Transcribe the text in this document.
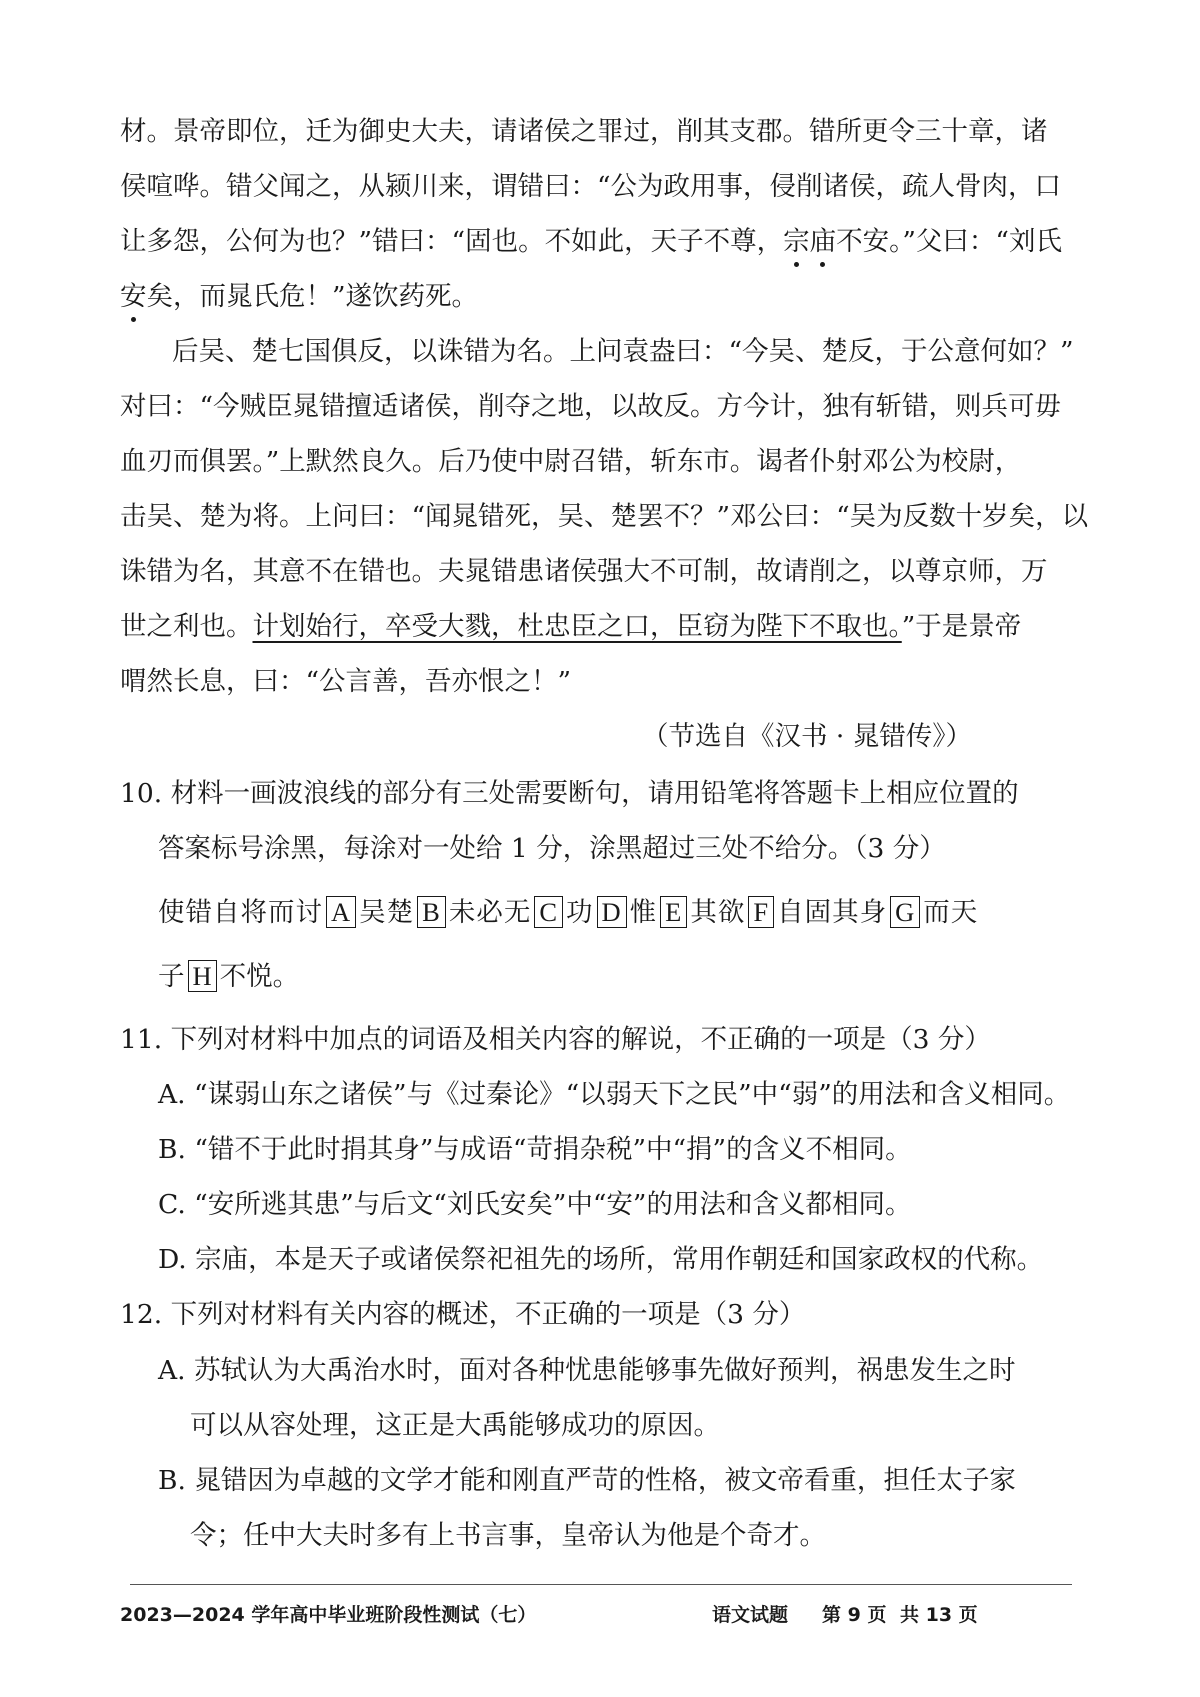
材。景帝即位，迁为御史大夫，请诸侯之罪过，削其支郡。错所更令三十章，诸
侯喧哗。错父闻之，从颍川来，谓错曰：“公为政用事，侵削诸侯，疏人骨肉，口
让多怨，公何为也？”错曰：“固也。不如此，天子不尊，宗庙不安。”父曰：“刘氏
安矣，而晁氏危！”遂饮药死。
后吴、楚七国俱反，以诛错为名。上问袁盎曰：“今吴、楚反，于公意何如？”
对曰：“今贼臣晁错擅适诸侯，削夺之地，以故反。方今计，独有斩错，则兵可毋
血刃而俱罢。”上默然良久。后乃使中尉召错，斩东市。谒者仆射邓公为校尉，
击吴、楚为将。上问曰：“闻晁错死，吴、楚罢不？”邓公曰：“吴为反数十岁矣，以
诛错为名，其意不在错也。夫晁错患诸侯强大不可制，故请削之，以尊京师，万
世之利也。计划始行，卒受大戮，杜忠臣之口，臣窃为陛下不取也。”于是景帝
喟然长息，曰：“公言善，吾亦恨之！”
（节选自《汉书 · 晁错传》）
10. 材料一画波浪线的部分有三处需要断句，请用铅笔将答题卡上相应位置的
答案标号涂黑，每涂对一处给 1 分，涂黑超过三处不给分。（3 分）
使错自将而讨 A 吴楚 B 未必无 C 功 D 惟 E 其欲 F 自固其身 G 而天
子 H 不悦。
11. 下列对材料中加点的词语及相关内容的解说，不正确的一项是（3 分）
A. “谋弱山东之诸侯”与《过秦论》“以弱天下之民”中“弱”的用法和含义相同。
B. “错不于此时捐其身”与成语“苛捐杂税”中“捐”的含义不相同。
C. “安所逃其患”与后文“刘氏安矣”中“安”的用法和含义都相同。
D. 宗庙，本是天子或诸侯祭祀祖先的场所，常用作朝廷和国家政权的代称。
12. 下列对材料有关内容的概述，不正确的一项是（3 分）
A. 苏轼认为大禹治水时，面对各种忧患能够事先做好预判，祸患发生之时
可以从容处理，这正是大禹能够成功的原因。
B. 晁错因为卓越的文学才能和刚直严苛的性格，被文帝看重，担任太子家
令；任中大夫时多有上书言事，皇帝认为他是个奇才。
2023—2024 学年高中毕业班阶段性测试（七）	语文试题 第 9 页 共 13 页
